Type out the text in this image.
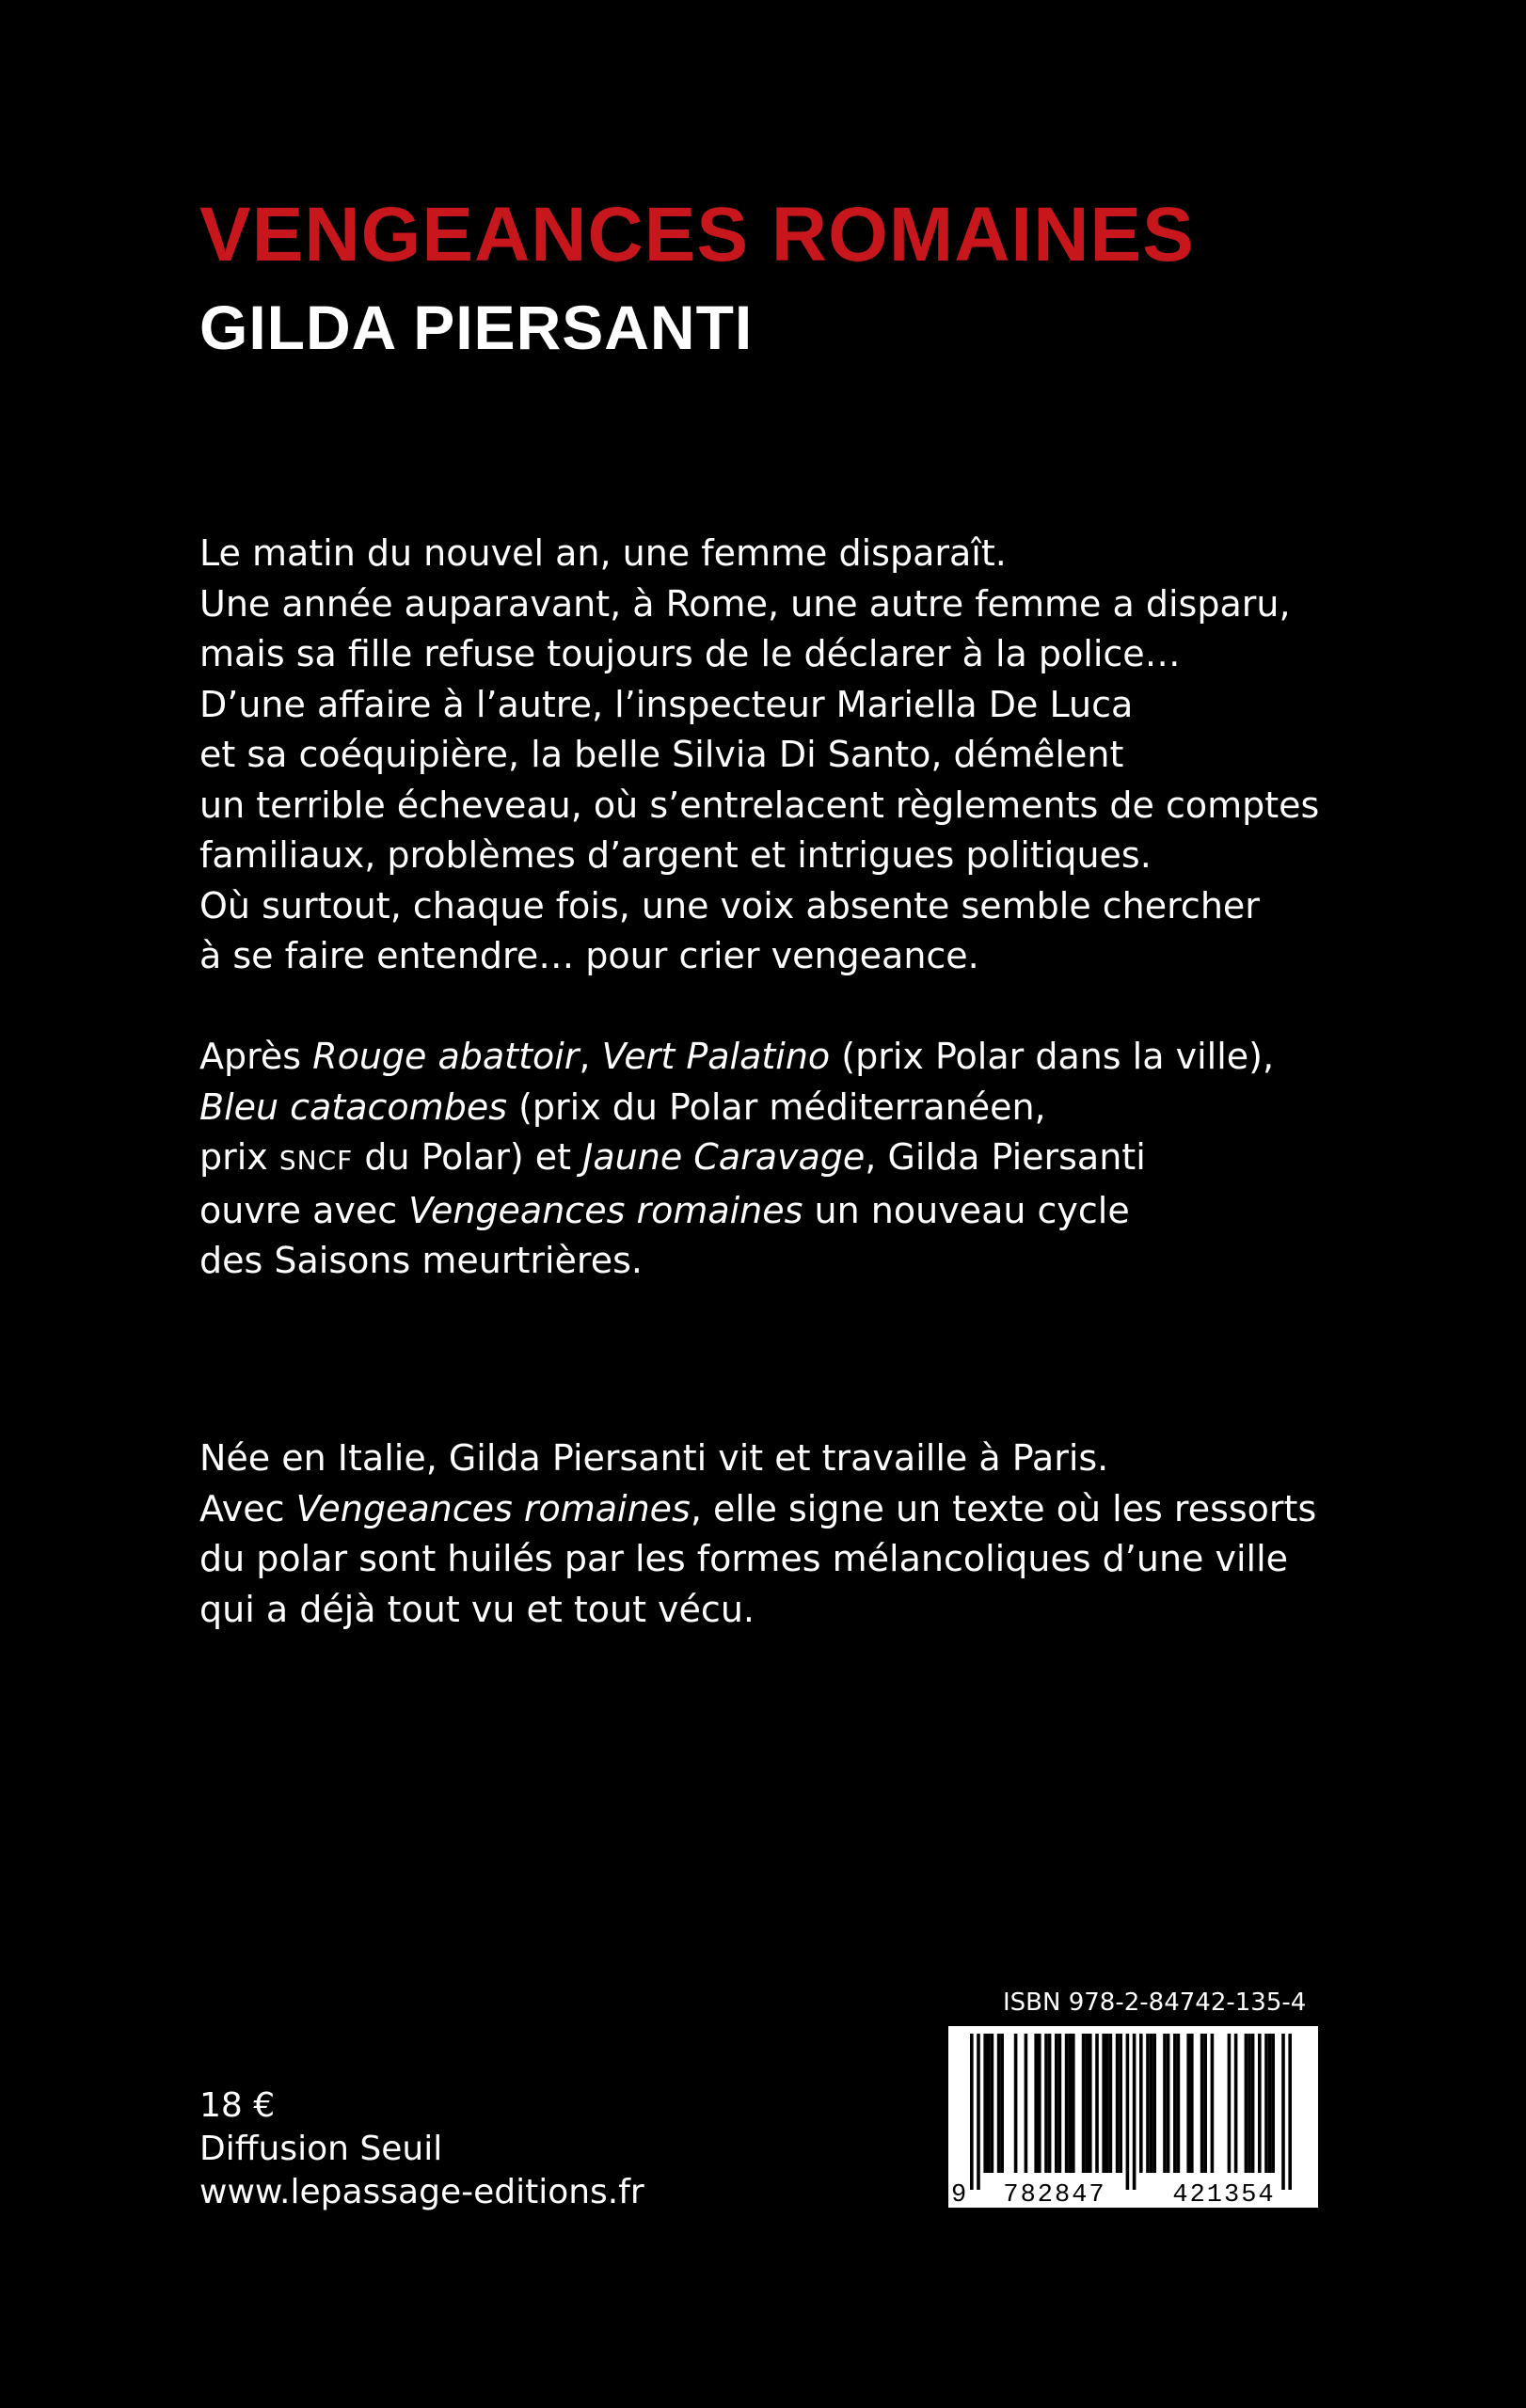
VENGEANCES ROMAINES
GILDA PIERSANTI
Le matin du nouvel an, une femme disparaît.
Une année auparavant, à Rome, une autre femme a disparu,
mais sa fille refuse toujours de le déclarer à la police…
D’une affaire à l’autre, l’inspecteur Mariella De Luca
et sa coéquipière, la belle Silvia Di Santo, démêlent
un terrible écheveau, où s’entrelacent règlements de comptes
familiaux, problèmes d’argent et intrigues politiques.
Où surtout, chaque fois, une voix absente semble chercher
à se faire entendre… pour crier vengeance.
Après Rouge abattoir, Vert Palatino (prix Polar dans la ville),
Bleu catacombes (prix du Polar méditerranéen,
prix SNCF du Polar) et Jaune Caravage, Gilda Piersanti
ouvre avec Vengeances romaines un nouveau cycle
des Saisons meurtrières.
Née en Italie, Gilda Piersanti vit et travaille à Paris.
Avec Vengeances romaines, elle signe un texte où les ressorts
du polar sont huilés par les formes mélancoliques d’une ville
qui a déjà tout vu et tout vécu.
18 €
Diffusion Seuil
www.lepassage-editions.fr
ISBN 978-2-84742-135-4
9 782847	421354
